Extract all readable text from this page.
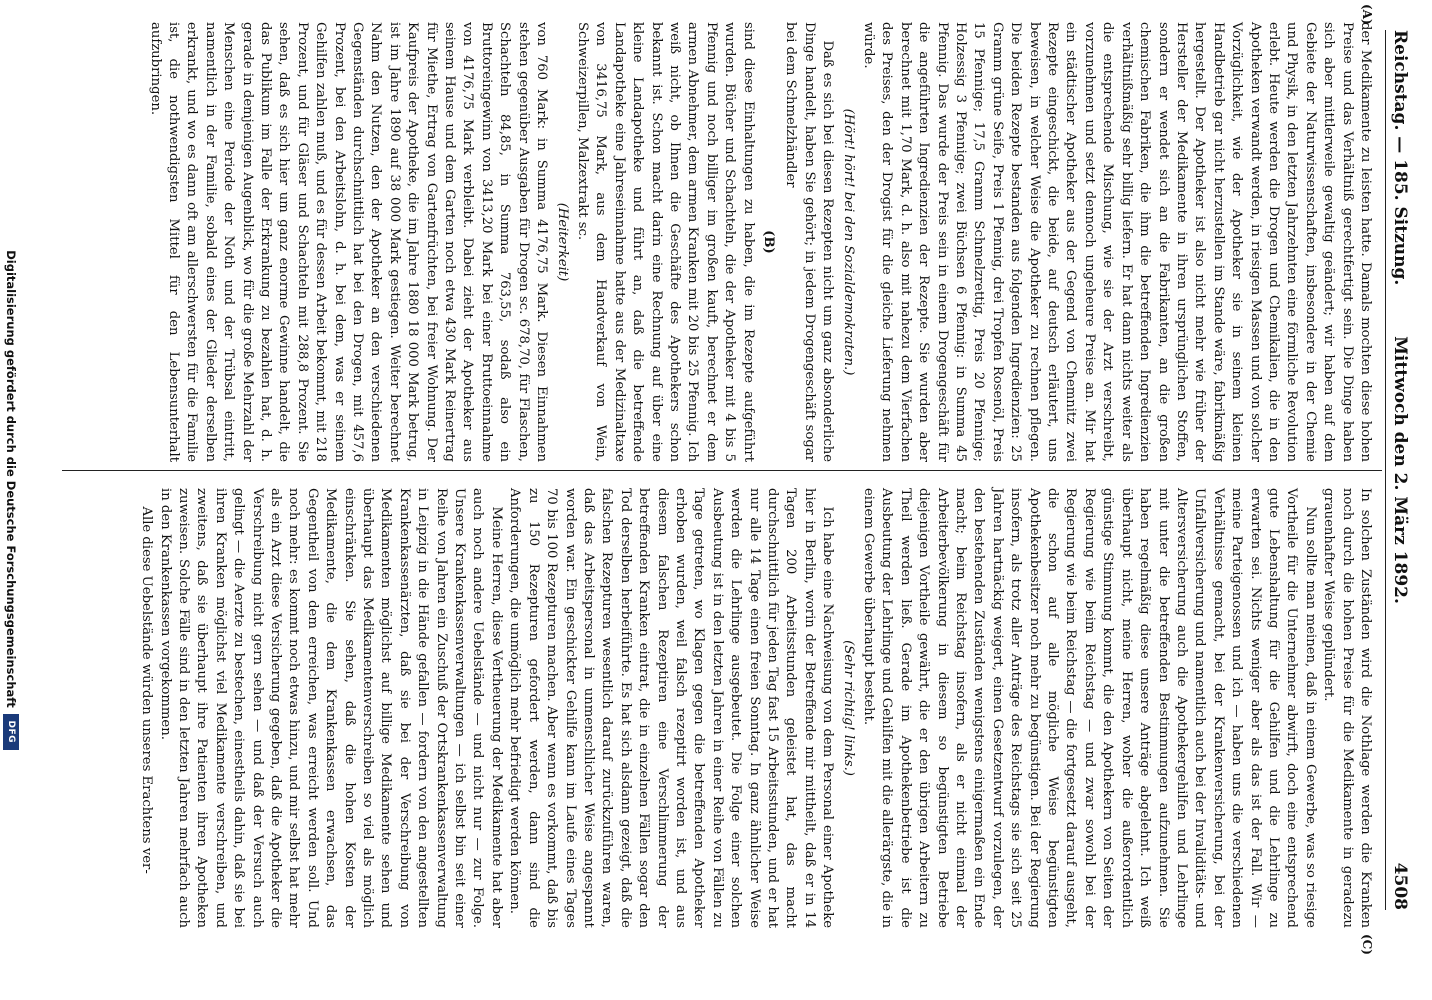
Reichstag. — 185. Sitzung.
Mittwoch den 2. März 1892.
4508
(A)
(C)

der Medikamente zu leisten hatte. Damals mochten diese hohen Preise und das Verhältniß gerechtfertigt sein. Die Dinge haben sich aber mittlerweile gewaltig geändert; wir haben auf dem Gebiete der Naturwissenschaften, insbesondere in der Chemie und Physik, in den letzten Jahrzehnten eine förmliche Revolution erlebt. Heute werden die Drogen und Chemikalien, die in den Apotheken verwandt werden, in riesigen Massen und von solcher Vorzüglichkeit, wie der Apotheker sie in seinem kleinen Handbetrieb gar nicht herzustellen im Stande wäre, fabrikmäßig hergestellt. Der Apotheker ist also nicht mehr wie früher der Hersteller der Medikamente in ihren ursprünglichen Stoffen, sondern er wendet sich an die Fabrikanten, an die großen chemischen Fabriken, die ihm die betreffenden Ingredienzien verhältnißmäßig sehr billig liefern. Er hat dann nichts weiter als die entsprechende Mischung, wie sie der Arzt verschreibt, vorzunehmen und setzt dennoch ungeheure Preise an. Mir hat ein städtischer Apotheker aus der Gegend von Chemnitz zwei Rezepte eingeschickt, die beide, auf deutsch erläutert, uns beweisen, in welcher Weise die Apotheker zu rechnen pflegen. Die beiden Rezepte bestanden aus folgenden Ingredienzien: 25 Gramm grüne Seife, Preis 1 Pfennig, drei Tropfen Rosenöl, Preis 15 Pfennige; 17,5 Gramm Schmelzrettig, Preis 20 Pfennige; Holzessig 3 Pfennige; zwei Büchsen 6 Pfennig: in Summa 45 Pfennig. Das wurde der Preis sein in einem Drogengeschäft für die angeführten Ingredienzien der Rezepte. Sie wurden aber berechnet mit 1,70 Mark, d. h. also mit nahezu dem Vierfachen des Preises, den der Drogist für die gleiche Lieferung nehmen würde.

(Hört! hört! bei den Sozialdemokraten.)

Daß es sich bei diesen Rezepten nicht um ganz absonderliche Dinge handelt, haben Sie gehört; in jedem Drogengeschäft sogar bei dem Schmelzhändler

(B)

sind diese Einhaltungen zu haben, die im Rezepte aufgeführt wurden. Bücher und Schachteln, die der Apotheker mit 4 bis 5 Pfennig und noch billiger im großen kauft, berechnet er dem armen Abnehmer, dem armen Kranken mit 20 bis 25 Pfennig. Ich weiß nicht, ob Ihnen die Geschäfte des Apothekers schon bekannt ist. Schon macht darin eine Rechnung auf über eine kleine Landapotheke und führt an, daß die betreffende Landapotheke eine Jahreseinnahme hatte aus der Medizinaltaxe von 3416,75 Mark, aus dem Handverkauf von Wein, Schweizerpillen, Malzextrakt sc.

(Heiterkeit)

von 760 Mark: in Summa 4176,75 Mark. Diesen Einnahmen stehen gegenüber Ausgaben für Drogen sc. 678,70, für Flaschen, Schachteln 84,85, in Summa 763,55, sodaß also ein Bruttoreingewinn von 3413,20 Mark bei einer Bruttoeinnahme von 4176,75 Mark verbleibt. Dabei zieht der Apotheker aus seinem Hause und dem Garten noch etwa 430 Mark Reinertrag für Miethe, Ertrag von Gartenfrüchten, bei freier Wohnung. Der Kaufpreis der Apotheke, die im Jahre 1880 18 000 Mark betrug, ist im Jahre 1890 auf 38 000 Mark gestiegen. Weiter berechnet Nahm den Nutzen, den der Apotheker an den verschiedenen Gegenständen durchschnittlich hat bei den Drogen, mit 457,6 Prozent, bei den Arbeitslohn, d. h. bei dem, was er seinem Gehilfen zahlen muß, und es für dessen Arbeit bekommt, mit 218 Prozent, und für Gläser und Schachteln mit 288,8 Prozent. Sie sehen, daß es sich hier um ganz enorme Gewinne handelt, die das Publikum im Falle der Erkrankung zu bezahlen hat, d. h. gerade in demjenigen Augenblick, wo für die große Mehrzahl der Menschen eine Periode der Noth und der Trübsal eintritt, namentlich in der Familie, sobald eines der Glieder derselben erkrankt, und wo es dann oft am allerschwersten für die Familie ist, die nothwendigsten Mittel für den Lebensunterhalt aufzubringen.

In solchen Zuständen wird die Nothlage werden die Kranken noch durch die hohen Preise für die Medikamente in geradezu grauenhafter Weise geplündert.

Nun sollte man meinen, daß in einem Gewerbe, was so riesige Vortheile für die Unternehmer abwirft, doch eine entsprechend gute Lebenshaltung für die Gehilfen und die Lehrlinge zu erwarten sei. Nichts weniger aber als das ist der Fall. Wir — meine Parteigenossen und ich — haben uns die verschiedenen Verhältnisse gemacht, bei der Krankenversicherung, bei der Unfallversicherung und namentlich auch bei der Invaliditäts- und Altersversicherung auch die Apothekergehilfen und Lehrlinge mit unter die betreffenden Bestimmungen aufzunehmen. Sie haben regelmäßig diese unsere Anträge abgelehnt. Ich weiß überhaupt nicht, meine Herren, woher die außerordentlich günstige Stimmung kommt, die den Apothekern von Seiten der Regierung wie beim Reichstag — und zwar sowohl bei der Regierung wie beim Reichstag — die fortgesetzt darauf ausgeht, die schon auf alle mögliche Weise begünstigten Apothekenbesitzer noch mehr zu begünstigen. Bei der Regierung insofern, als trotz aller Anträge des Reichstags sie sich seit 25 Jahren hartnäckig weigert, einen Gesetzentwurf vorzulegen, der den bestehenden Zuständen wenigstens einigermaßen ein Ende macht; beim Reichstag insofern, als er nicht einmal der Arbeiterbevölkerung in diesem so begünstigten Betriebe diejenigen Vortheile gewährt, die er den übrigen Arbeitern zu Theil werden ließ. Gerade im Apothekenbetriebe ist die Ausbeutung der Lehrlinge und Gehilfen mit die allerärgste, die in einem Gewerbe überhaupt besteht.

(Sehr richtig! links.)

Ich habe eine Nachweisung von dem Personal einer Apotheke hier in Berlin, worin der Betreffende mir mittheilt, daß er in 14 Tagen 200 Arbeitsstunden geleistet hat, das macht durchschnittlich für jeden Tag fast 15 Arbeitsstunden, und er hat nur alle 14 Tage einen freien Sonntag. In ganz ähnlicher Weise werden die Lehrlinge ausgebeutet. Die Folge einer solchen Ausbeutung ist in den letzten Jahren in einer Reihe von Fällen zu Tage getreten, wo Klagen gegen die betreffenden Apotheker erhoben wurden, weil falsch rezeptirt worden ist, und aus diesem falschen Rezeptiren eine Verschlimmerung der betreffenden Kranken eintrat, die in einzelnen Fällen sogar den Tod derselben herbeiführte. Es hat sich alsdann gezeigt, daß die falschen Rezepturen wesentlich darauf zurückzuführen waren, daß das Arbeitspersonal in unmenschlicher Weise angespannt worden war. Ein geschickter Gehilfe kann im Laufe eines Tages 70 bis 100 Rezepturen machen. Aber wenn es vorkommt, daß bis zu 150 Rezepturen gefordert werden, dann sind die Anforderungen, die unmöglich mehr befriedigt werden können.

Meine Herren, diese Vertheuerung der Medikamente hat aber auch noch andere Uebelstände — und nicht nur — zur Folge. Unsere Krankenkassenverwaltungen — ich selbst bin seit einer Reihe von Jahren ein Zuschuß der Ortskrankenkassenverwaltung in Leipzig in die Hände gefallen — fordern von den angestellten Krankenkassenärzten, daß sie bei der Verschreibung von Medikamenten möglichst auf billige Medikamente sehen und überhaupt das Medikamentenverschreiben so viel als möglich einschränken. Sie sehen, daß die hohen Kosten der Medikamente, die dem Krankenkassen erwachsen, das Gegentheil von dem erreichen, was erreicht werden soll. Und noch mehr: es kommt noch etwas hinzu, und mir selbst hat mehr als ein Arzt diese Versicherung gegeben, daß die Apotheker die Verschreibung nicht gern sehen — und daß der Versuch auch gelingt — die Aerzte zu bestechen, einestheils dahin, daß sie bei ihren Kranken möglichst viel Medikamente verschreiben, und zweitens, daß sie überhaupt ihre Patienten ihren Apotheken zuweisen. Solche Fälle sind in den letzten Jahren mehrfach auch in den Krankenkassen vorgekommen.

Alle diese Uebelstände würden unseres Erachtens ver-

Digitalisierung gefördert durch die Deutsche Forschungsgemeinschaft
DFG
